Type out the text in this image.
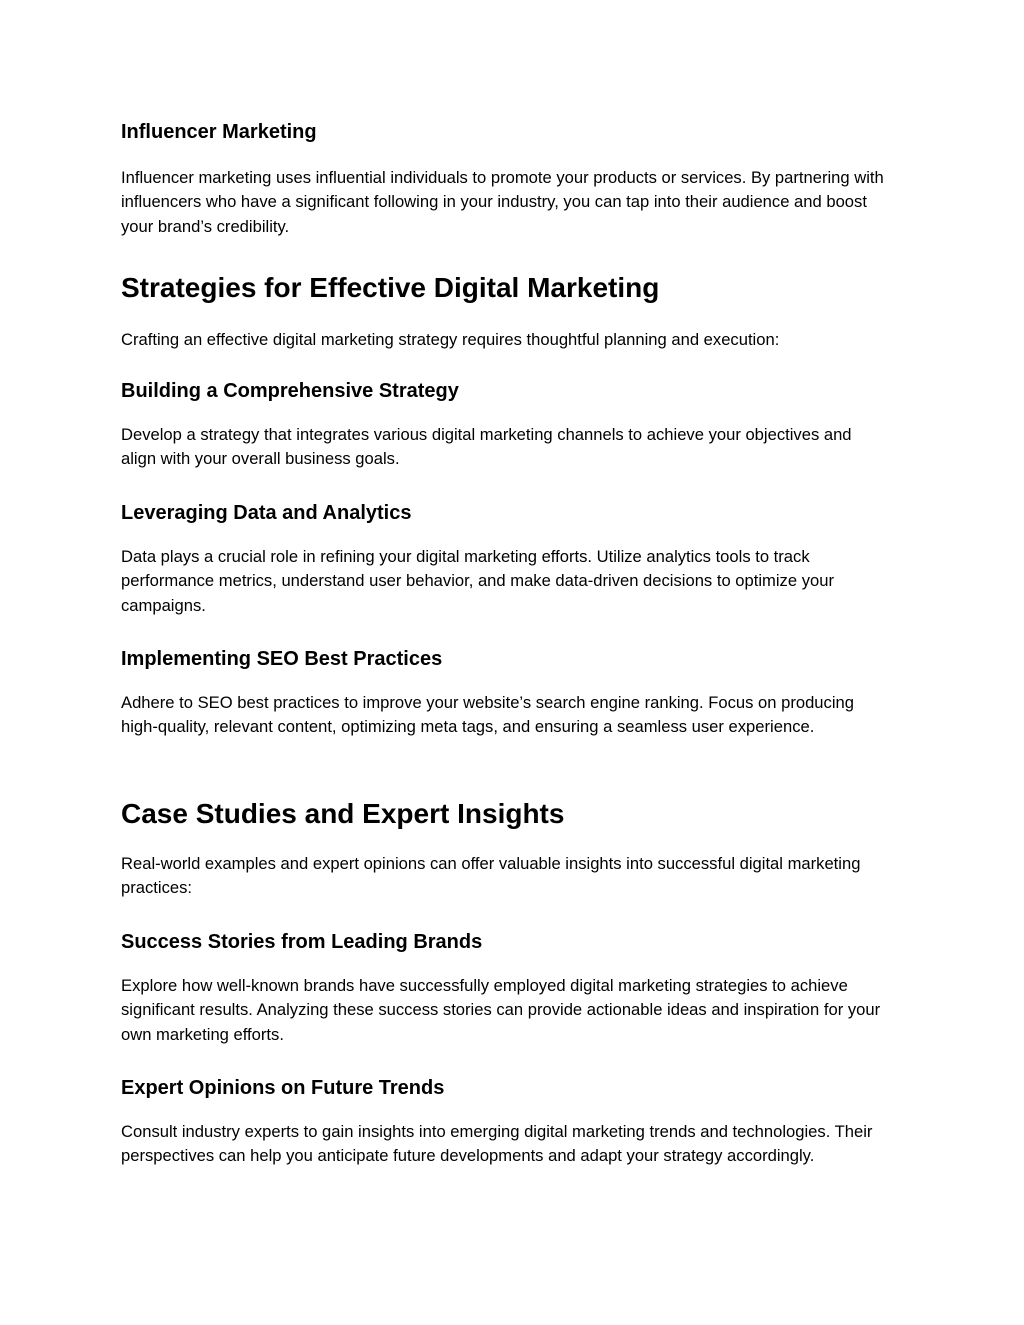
Influencer Marketing

Influencer marketing uses influential individuals to promote your products or services. By partnering with influencers who have a significant following in your industry, you can tap into their audience and boost your brand’s credibility.

Strategies for Effective Digital Marketing

Crafting an effective digital marketing strategy requires thoughtful planning and execution:

Building a Comprehensive Strategy

Develop a strategy that integrates various digital marketing channels to achieve your objectives and align with your overall business goals.

Leveraging Data and Analytics

Data plays a crucial role in refining your digital marketing efforts. Utilize analytics tools to track performance metrics, understand user behavior, and make data-driven decisions to optimize your campaigns.

Implementing SEO Best Practices

Adhere to SEO best practices to improve your website’s search engine ranking. Focus on producing high-quality, relevant content, optimizing meta tags, and ensuring a seamless user experience.

Case Studies and Expert Insights

Real-world examples and expert opinions can offer valuable insights into successful digital marketing practices:

Success Stories from Leading Brands

Explore how well-known brands have successfully employed digital marketing strategies to achieve significant results. Analyzing these success stories can provide actionable ideas and inspiration for your own marketing efforts.

Expert Opinions on Future Trends

Consult industry experts to gain insights into emerging digital marketing trends and technologies. Their perspectives can help you anticipate future developments and adapt your strategy accordingly.
